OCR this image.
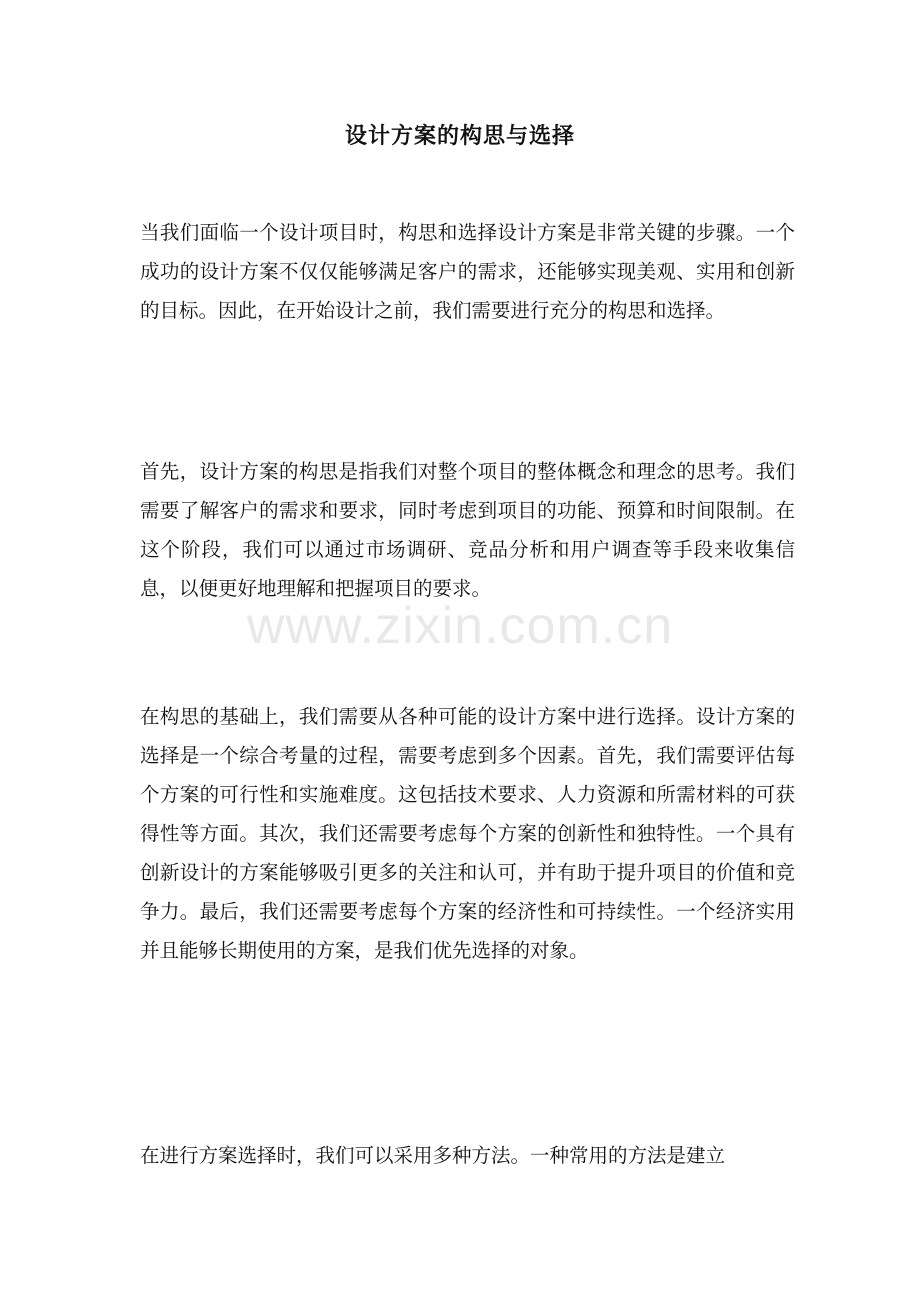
设计方案的构思与选择

当我们面临一个设计项目时，构思和选择设计方案是非常关键的步骤。一个成功的设计方案不仅仅能够满足客户的需求，还能够实现美观、实用和创新的目标。因此，在开始设计之前，我们需要进行充分的构思和选择。

首先，设计方案的构思是指我们对整个项目的整体概念和理念的思考。我们需要了解客户的需求和要求，同时考虑到项目的功能、预算和时间限制。在这个阶段，我们可以通过市场调研、竞品分析和用户调查等手段来收集信息，以便更好地理解和把握项目的要求。

在构思的基础上，我们需要从各种可能的设计方案中进行选择。设计方案的选择是一个综合考量的过程，需要考虑到多个因素。首先，我们需要评估每个方案的可行性和实施难度。这包括技术要求、人力资源和所需材料的可获得性等方面。其次，我们还需要考虑每个方案的创新性和独特性。一个具有创新设计的方案能够吸引更多的关注和认可，并有助于提升项目的价值和竞争力。最后，我们还需要考虑每个方案的经济性和可持续性。一个经济实用并且能够长期使用的方案，是我们优先选择的对象。

在进行方案选择时，我们可以采用多种方法。一种常用的方法是建立

www.zixin.com.cn
